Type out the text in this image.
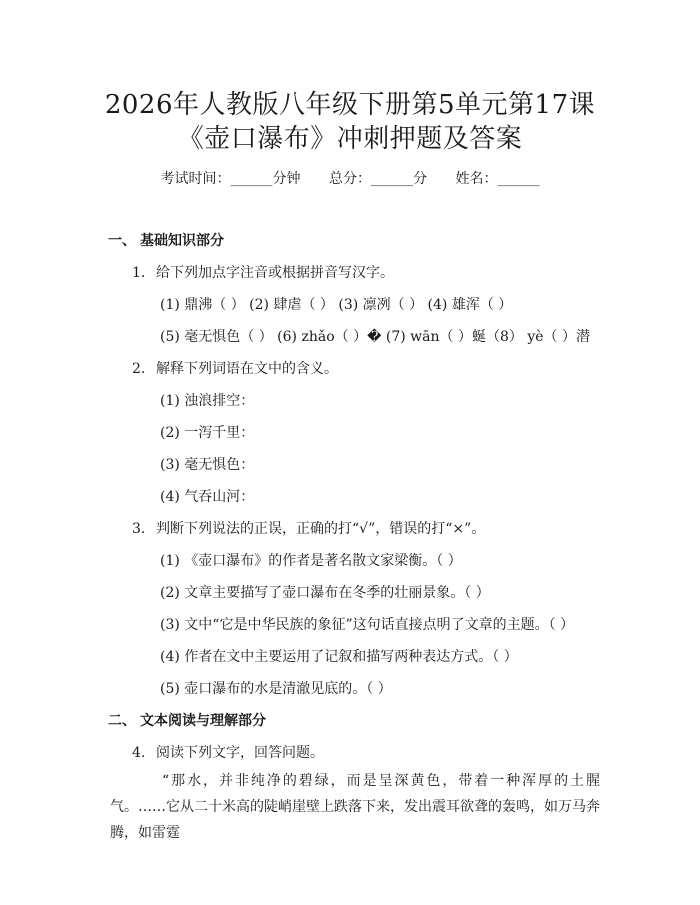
2026年人教版八年级下册第5单元第17课
《壶口瀑布》冲刺押题及答案
考试时间：______分钟 总分：______分 姓名：______
一、 基础知识部分
1. 给下列加点字注音或根据拼音写汉字。
(1) 鼎沸（ ） (2) 肆虐（ ） (3) 凛冽（ ） (4) 雄浑（ ）
(5) 毫无惧色（ ） (6) zhǎo（ ）� (7) wān（ ）蜒（8） yè（ ）潜
2. 解释下列词语在文中的含义。
(1) 浊浪排空：
(2) 一泻千里：
(3) 毫无惧色：
(4) 气吞山河：
3. 判断下列说法的正误，正确的打“√”，错误的打“×”。
(1) 《壶口瀑布》的作者是著名散文家梁衡。（ ）
(2) 文章主要描写了壶口瀑布在冬季的壮丽景象。（ ）
(3) 文中“它是中华民族的象征”这句话直接点明了文章的主题。（ ）
(4) 作者在文中主要运用了记叙和描写两种表达方式。（ ）
(5) 壶口瀑布的水是清澈见底的。（ ）
二、 文本阅读与理解部分
4. 阅读下列文字，回答问题。
“那水，并非纯净的碧绿，而是呈深黄色，带着一种浑厚的土腥气。……它从二十米高的陡峭崖壁上跌落下来，发出震耳欲聋的轰鸣，如万马奔腾，如雷霆
